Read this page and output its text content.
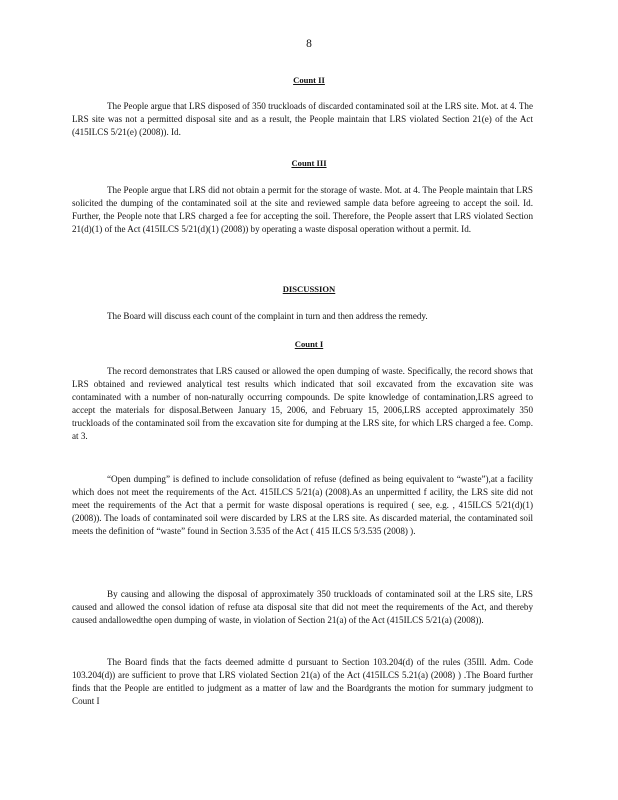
8
Count II

The People argue that LRS disposed of 350 truckloads of discarded contaminated soil at the LRS site. Mot. at 4. The LRS site was not a permitted disposal site and as a result, the People maintain that LRS violated Section 21(e) of the Act (415ILCS 5/21(e) (2008)). Id.

Count III

The People argue that LRS did not obtain a permit for the storage of waste. Mot. at 4. The People maintain that LRS solicited the dumping of the contaminated soil at the site and reviewed sample data before agreeing to accept the soil. Id. Further, the People note that LRS charged a fee for accepting the soil. Therefore, the People assert that LRS violated Section 21(d)(1) of the Act (415ILCS 5/21(d)(1) (2008)) by operating a waste disposal operation without a permit. Id.

DISCUSSION

The Board will discuss each count of the complaint in turn and then address the remedy.

Count I

The record demonstrates that LRS caused or allowed the open dumping of waste. Specifically, the record shows that LRS obtained and reviewed analytical test results which indicated that soil excavated from the excavation site was contaminated with a number of non-naturally occurring compounds. De spite knowledge of contamination,LRS agreed to accept the materials for disposal.Between January 15, 2006, and February 15, 2006,LRS accepted approximately 350 truckloads of the contaminated soil from the excavation site for dumping at the LRS site, for which LRS charged a fee. Comp. at 3.

“Open dumping” is defined to include consolidation of refuse (defined as being equivalent to “waste”),at a facility which does not meet the requirements of the Act. 415ILCS 5/21(a) (2008).As an unpermitted f acility, the LRS site did not meet the requirements of the Act that a permit for waste disposal operations is required ( see, e.g. , 415ILCS 5/21(d)(1) (2008)). The loads of contaminated soil were discarded by LRS at the LRS site. As discarded material, the contaminated soil meets the definition of “waste” found in Section 3.535 of the Act ( 415 ILCS 5/3.535 (2008) ).

By causing and allowing the disposal of approximately 350 truckloads of contaminated soil at the LRS site, LRS caused and allowed the consol idation of refuse ata disposal site that did not meet the requirements of the Act, and thereby caused andallowedthe open dumping of waste, in violation of Section 21(a) of the Act (415ILCS 5/21(a) (2008)).

The Board finds that the facts deemed admitte d pursuant to Section 103.204(d) of the rules (35Ill. Adm. Code 103.204(d)) are sufficient to prove that LRS violated Section 21(a) of the Act (415ILCS 5.21(a) (2008) ) .The Board further finds that the People are entitled to judgment as a matter of law and the Boardgrants the motion for summary judgment to Count I
